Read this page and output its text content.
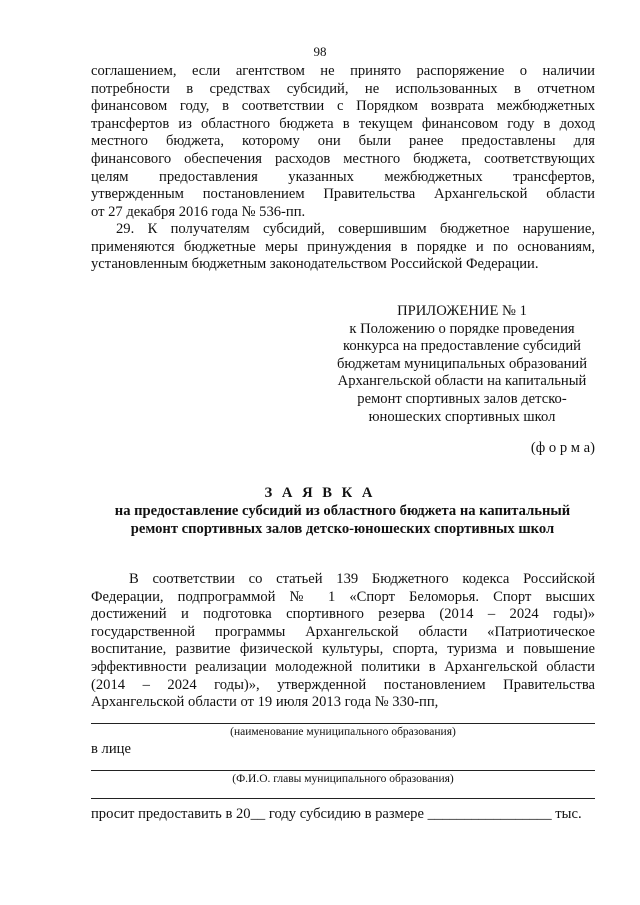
98
соглашением, если агентством не принято распоряжение о наличии
потребности в средствах субсидий, не использованных в отчетном
финансовом году, в соответствии с Порядком возврата межбюджетных
трансфертов из областного бюджета в текущем финансовом году в доход
местного бюджета, которому они были ранее предоставлены для
финансового обеспечения расходов местного бюджета, соответствующих
целям предоставления указанных межбюджетных трансфертов,
утвержденным постановлением Правительства Архангельской области
от 27 декабря 2016 года № 536-пп.
29. К получателям субсидий, совершившим бюджетное нарушение,
применяются бюджетные меры принуждения в порядке и по основаниям,
установленным бюджетным законодательством Российской Федерации.
ПРИЛОЖЕНИЕ № 1
к Положению о порядке проведения
конкурса на предоставление субсидий
бюджетам муниципальных образований
Архангельской области на капитальный
ремонт спортивных залов детско-
юношеских спортивных школ
(ф о р м а)
З А Я В К А
на предоставление субсидий из областного бюджета на капитальный
ремонт спортивных залов детско-юношеских спортивных школ
В соответствии со статьей 139 Бюджетного кодекса Российской
Федерации, подпрограммой № 1 «Спорт Беломорья. Спорт высших
достижений и подготовка спортивного резерва (2014 – 2024 годы)»
государственной программы Архангельской области «Патриотическое
воспитание, развитие физической культуры, спорта, туризма и повышение
эффективности реализации молодежной политики в Архангельской области
(2014 – 2024 годы)», утвержденной постановлением Правительства
Архангельской области от 19 июля 2013 года № 330-пп,
(наименование муниципального образования)
в лице
(Ф.И.О. главы муниципального образования)
просит предоставить в 20__ году субсидию в размере _________________ тыс.
